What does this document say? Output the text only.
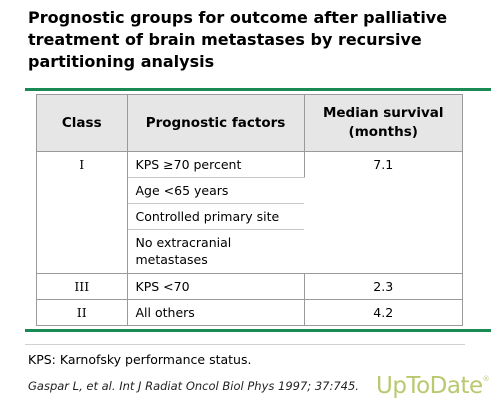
Prognostic groups for outcome after palliative treatment of brain metastases by recursive partitioning analysis
Class	Prognostic factors	Median survival (months)
I	KPS ≥70 percent	7.1
	Age <65 years	
	Controlled primary site	
	No extracranial metastases	
III	KPS <70	2.3
II	All others	4.2
KPS: Karnofsky performance status.
Gaspar L, et al. Int J Radiat Oncol Biol Phys 1997; 37:745. UpToDate®
